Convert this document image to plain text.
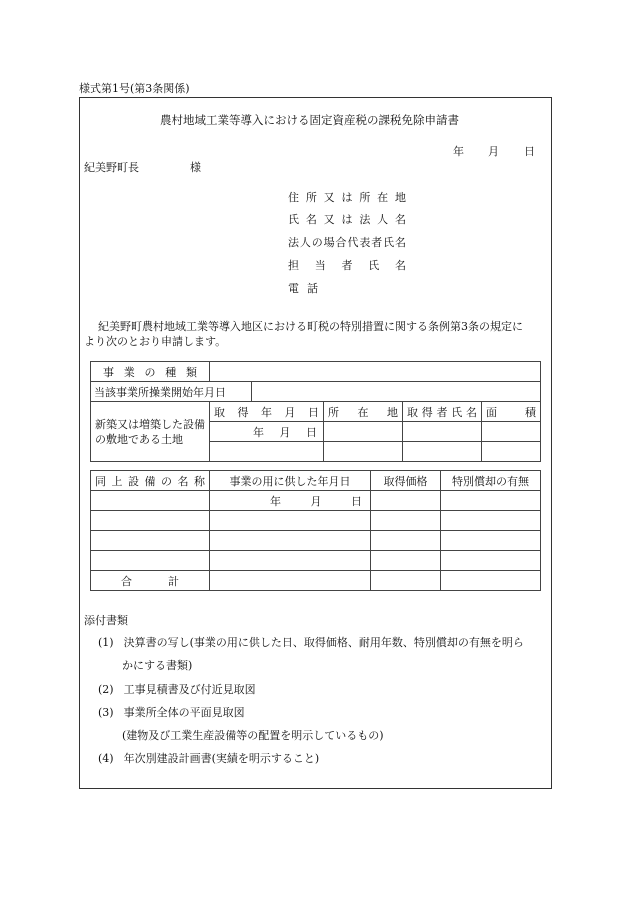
様式第1号(第3条関係)
農村地域工業等導入における固定資産税の課税免除申請書
年 月 日
紀美野町長	様
住所又は所在地
氏名又は法人名
法人の場合代表者氏名
担当者氏名
電話
紀美野町農村地域工業等導入地区における町税の特別措置に関する条例第3条の規定に
より次のとおり申請します。
事業の種類					
当該事業所操業開始年月日					
新築又は増築した設備の敷地である土地	取得年月日		所在地	取得者氏名	面積
	年 月 日				

同上設備の名称	事業の用に供した年月日	取得価格	特別償却の有無
	年 月 日		

合計			
添付書類
(1) 決算書の写し(事業の用に供した日、取得価格、耐用年数、特別償却の有無を明ら
かにする書類)
(2) 工事見積書及び付近見取図
(3) 事業所全体の平面見取図
(建物及び工業生産設備等の配置を明示しているもの)
(4) 年次別建設計画書(実績を明示すること)
